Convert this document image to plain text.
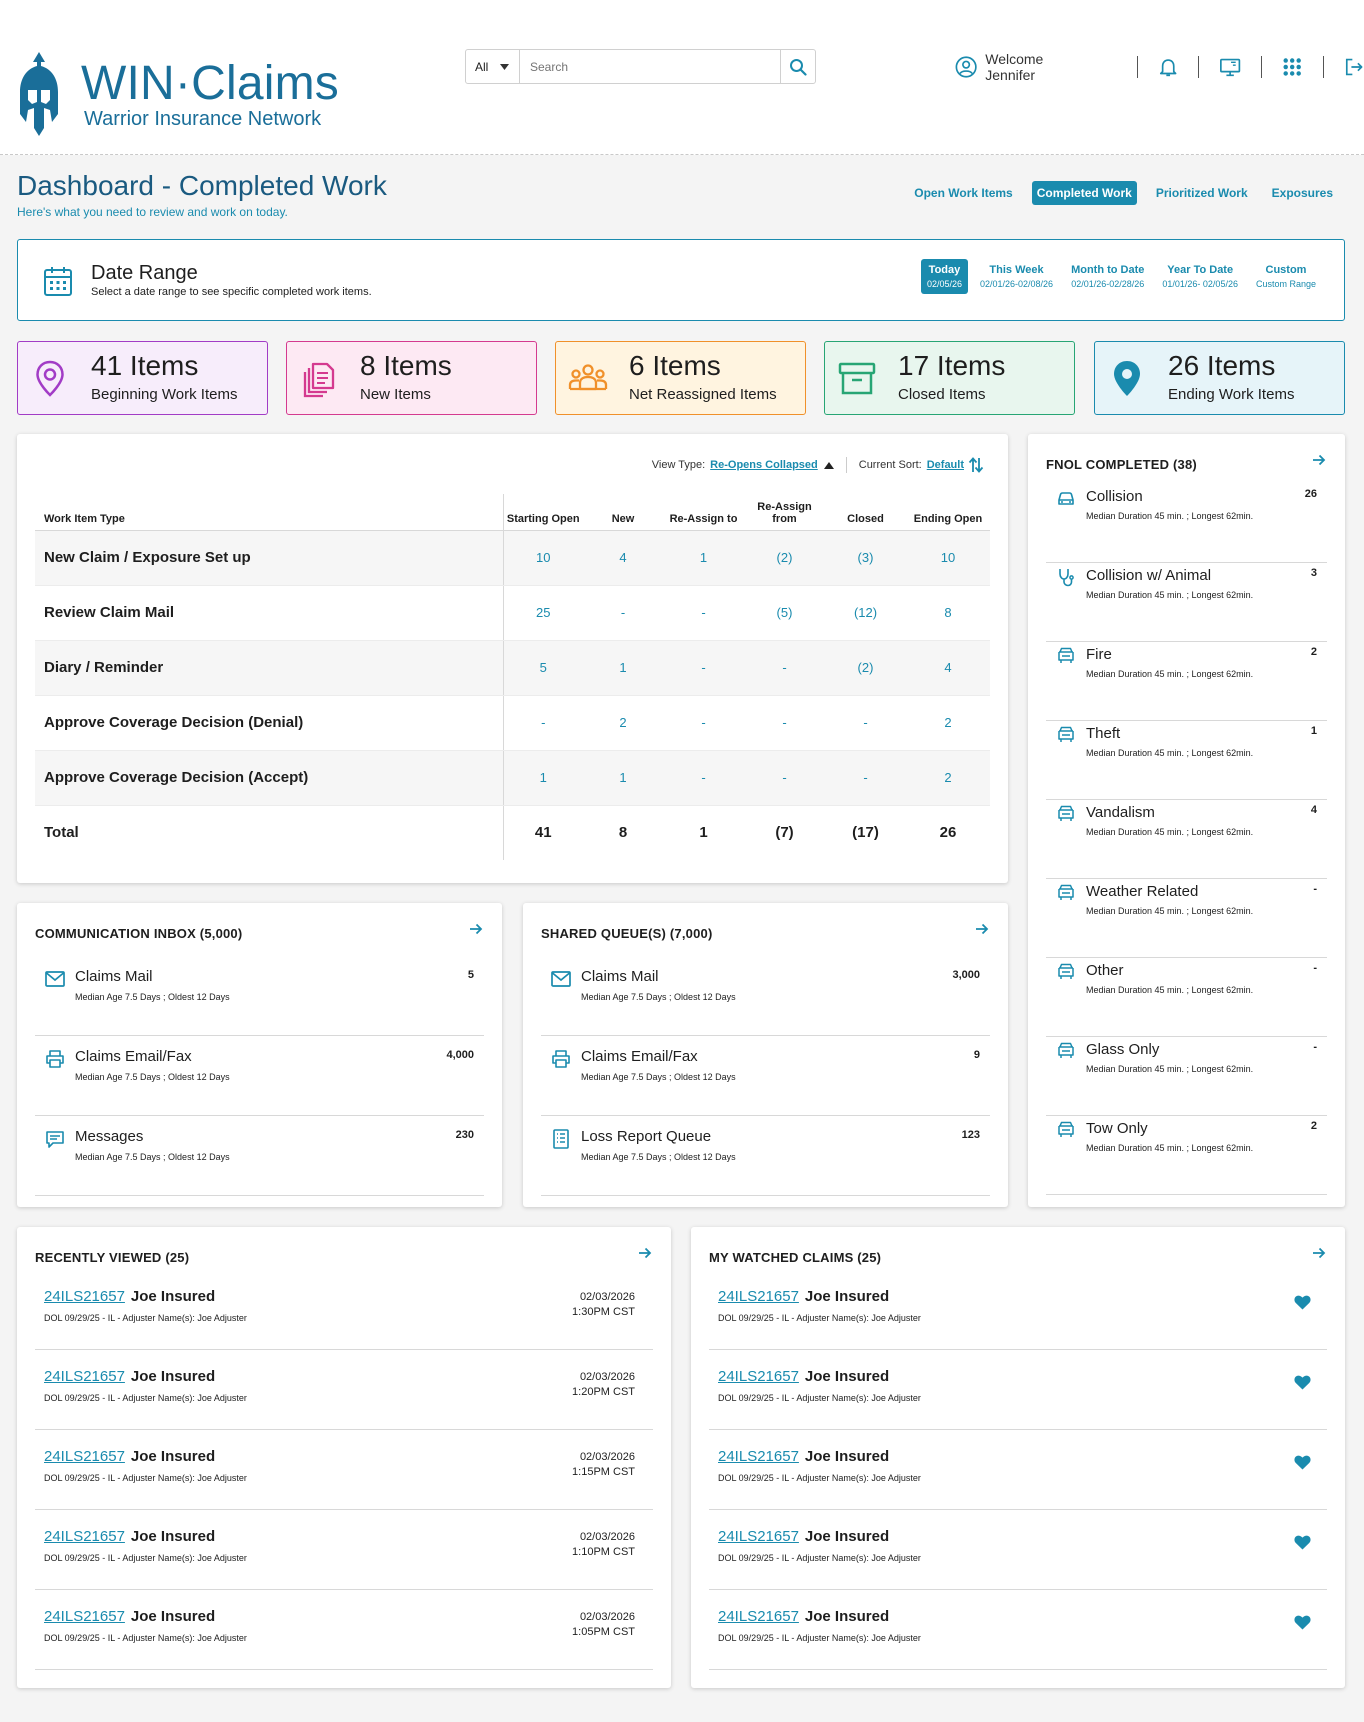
WIN·Claims
Warrior Insurance Network
All
Search	Welcome Jennifer
Dashboard - Completed Work
Here's what you need to review and work on today.
Open Work Items	Completed Work	Prioritized Work	Exposures
Date Range
Select a date range to see specific completed work items.
Today
02/05/26
This Week
02/01/26-02/08/26
Month to Date
02/01/26-02/28/26
Year To Date
01/01/26- 02/05/26
Custom
Custom Range
41 Items
Beginning Work Items
8 Items
New Items
6 Items
Net Reassigned Items
17 Items
Closed Items
26 Items
Ending Work Items
View Type: Re-Opens Collapsed	Current Sort: Default
Work Item Type	Starting Open	New	Re-Assign to	Re-Assign from	Closed	Ending Open
New Claim / Exposure Set up	10	4	1	(2)	(3)	10
Review Claim Mail	25	-	-	(5)	(12)	8
Diary / Reminder	5	1	-	-	(2)	4
Approve Coverage Decision (Denial)	-	2	-	-	-	2
Approve Coverage Decision (Accept)	1	1	-	-	-	2
Total	41	8	1	(7)	(17)	26
FNOL COMPLETED (38)
Collision
Median Duration 45 min. ; Longest 62min.
26
Collision w/ Animal
Median Duration 45 min. ; Longest 62min.
3
Fire
Median Duration 45 min. ; Longest 62min.
2
Theft
Median Duration 45 min. ; Longest 62min.
1
Vandalism
Median Duration 45 min. ; Longest 62min.
4
Weather Related
Median Duration 45 min. ; Longest 62min.
-
Other
Median Duration 45 min. ; Longest 62min.
-
Glass Only
Median Duration 45 min. ; Longest 62min.
-
Tow Only
Median Duration 45 min. ; Longest 62min.
2
COMMUNICATION INBOX (5,000)
Claims Mail
Median Age 7.5 Days ; Oldest 12 Days
5
Claims Email/Fax
Median Age 7.5 Days ; Oldest 12 Days
4,000
Messages
Median Age 7.5 Days ; Oldest 12 Days
230
SHARED QUEUE(S) (7,000)
Claims Mail
Median Age 7.5 Days ; Oldest 12 Days
3,000
Claims Email/Fax
Median Age 7.5 Days ; Oldest 12 Days
9
Loss Report Queue
Median Age 7.5 Days ; Oldest 12 Days
123
RECENTLY VIEWED (25)
24ILS21657 Joe Insured
DOL 09/29/25 - IL - Adjuster Name(s): Joe Adjuster
02/03/2026
1:30PM CST
24ILS21657 Joe Insured
DOL 09/29/25 - IL - Adjuster Name(s): Joe Adjuster
02/03/2026
1:20PM CST
24ILS21657 Joe Insured
DOL 09/29/25 - IL - Adjuster Name(s): Joe Adjuster
02/03/2026
1:15PM CST
24ILS21657 Joe Insured
DOL 09/29/25 - IL - Adjuster Name(s): Joe Adjuster
02/03/2026
1:10PM CST
24ILS21657 Joe Insured
DOL 09/29/25 - IL - Adjuster Name(s): Joe Adjuster
02/03/2026
1:05PM CST
MY WATCHED CLAIMS (25)
24ILS21657 Joe Insured
DOL 09/29/25 - IL - Adjuster Name(s): Joe Adjuster
24ILS21657 Joe Insured
DOL 09/29/25 - IL - Adjuster Name(s): Joe Adjuster
24ILS21657 Joe Insured
DOL 09/29/25 - IL - Adjuster Name(s): Joe Adjuster
24ILS21657 Joe Insured
DOL 09/29/25 - IL - Adjuster Name(s): Joe Adjuster
24ILS21657 Joe Insured
DOL 09/29/25 - IL - Adjuster Name(s): Joe Adjuster
